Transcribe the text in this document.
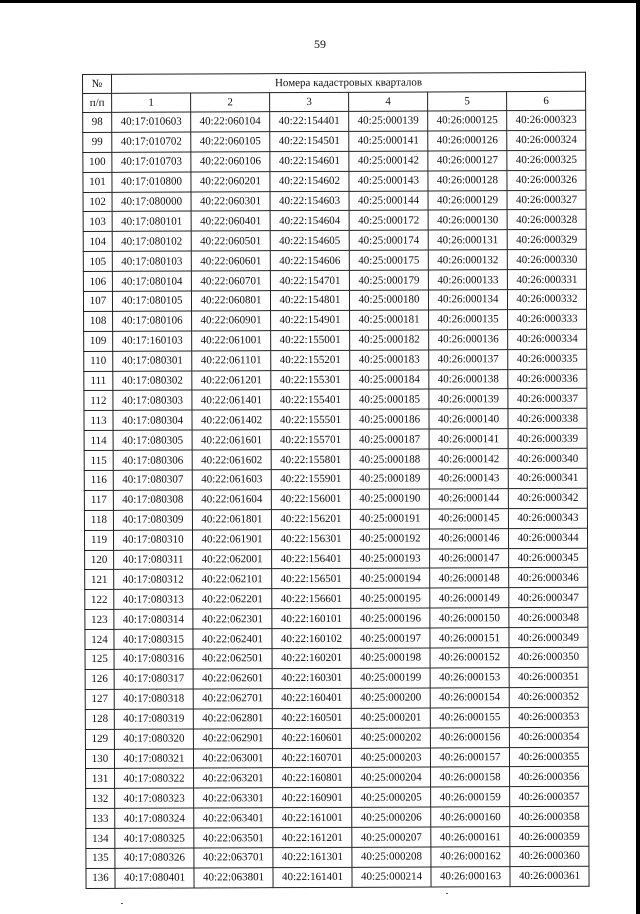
59
№	Номера кадастровых кварталов					
п/п	1	2	3	4	5	6
98	40:17:010603	40:22:060104	40:22:154401	40:25:000139	40:26:000125	40:26:000323
99	40:17:010702	40:22:060105	40:22:154501	40:25:000141	40:26:000126	40:26:000324
100	40:17:010703	40:22:060106	40:22:154601	40:25:000142	40:26:000127	40:26:000325
101	40:17:010800	40:22:060201	40:22:154602	40:25:000143	40:26:000128	40:26:000326
102	40:17:080000	40:22:060301	40:22:154603	40:25:000144	40:26:000129	40:26:000327
103	40:17:080101	40:22:060401	40:22:154604	40:25:000172	40:26:000130	40:26:000328
104	40:17:080102	40:22:060501	40:22:154605	40:25:000174	40:26:000131	40:26:000329
105	40:17:080103	40:22:060601	40:22:154606	40:25:000175	40:26:000132	40:26:000330
106	40:17:080104	40:22:060701	40:22:154701	40:25:000179	40:26:000133	40:26:000331
107	40:17:080105	40:22:060801	40:22:154801	40:25:000180	40:26:000134	40:26:000332
108	40:17:080106	40:22:060901	40:22:154901	40:25:000181	40:26:000135	40:26:000333
109	40:17:160103	40:22:061001	40:22:155001	40:25:000182	40:26:000136	40:26:000334
110	40:17:080301	40:22:061101	40:22:155201	40:25:000183	40:26:000137	40:26:000335
111	40:17:080302	40:22:061201	40:22:155301	40:25:000184	40:26:000138	40:26:000336
112	40:17:080303	40:22:061401	40:22:155401	40:25:000185	40:26:000139	40:26:000337
113	40:17:080304	40:22:061402	40:22:155501	40:25:000186	40:26:000140	40:26:000338
114	40:17:080305	40:22:061601	40:22:155701	40:25:000187	40:26:000141	40:26:000339
115	40:17:080306	40:22:061602	40:22:155801	40:25:000188	40:26:000142	40:26:000340
116	40:17:080307	40:22:061603	40:22:155901	40:25:000189	40:26:000143	40:26:000341
117	40:17:080308	40:22:061604	40:22:156001	40:25:000190	40:26:000144	40:26:000342
118	40:17:080309	40:22:061801	40:22:156201	40:25:000191	40:26:000145	40:26:000343
119	40:17:080310	40:22:061901	40:22:156301	40:25:000192	40:26:000146	40:26:000344
120	40:17:080311	40:22:062001	40:22:156401	40:25:000193	40:26:000147	40:26:000345
121	40:17:080312	40:22:062101	40:22:156501	40:25:000194	40:26:000148	40:26:000346
122	40:17:080313	40:22:062201	40:22:156601	40:25:000195	40:26:000149	40:26:000347
123	40:17:080314	40:22:062301	40:22:160101	40:25:000196	40:26:000150	40:26:000348
124	40:17:080315	40:22:062401	40:22:160102	40:25:000197	40:26:000151	40:26:000349
125	40:17:080316	40:22:062501	40:22:160201	40:25:000198	40:26:000152	40:26:000350
126	40:17:080317	40:22:062601	40:22:160301	40:25:000199	40:26:000153	40:26:000351
127	40:17:080318	40:22:062701	40:22:160401	40:25:000200	40:26:000154	40:26:000352
128	40:17:080319	40:22:062801	40:22:160501	40:25:000201	40:26:000155	40:26:000353
129	40:17:080320	40:22:062901	40:22:160601	40:25:000202	40:26:000156	40:26:000354
130	40:17:080321	40:22:063001	40:22:160701	40:25:000203	40:26:000157	40:26:000355
131	40:17:080322	40:22:063201	40:22:160801	40:25:000204	40:26:000158	40:26:000356
132	40:17:080323	40:22:063301	40:22:160901	40:25:000205	40:26:000159	40:26:000357
133	40:17:080324	40:22:063401	40:22:161001	40:25:000206	40:26:000160	40:26:000358
134	40:17:080325	40:22:063501	40:22:161201	40:25:000207	40:26:000161	40:26:000359
135	40:17:080326	40:22:063701	40:22:161301	40:25:000208	40:26:000162	40:26:000360
136	40:17:080401	40:22:063801	40:22:161401	40:25:000214	40:26:000163	40:26:000361
